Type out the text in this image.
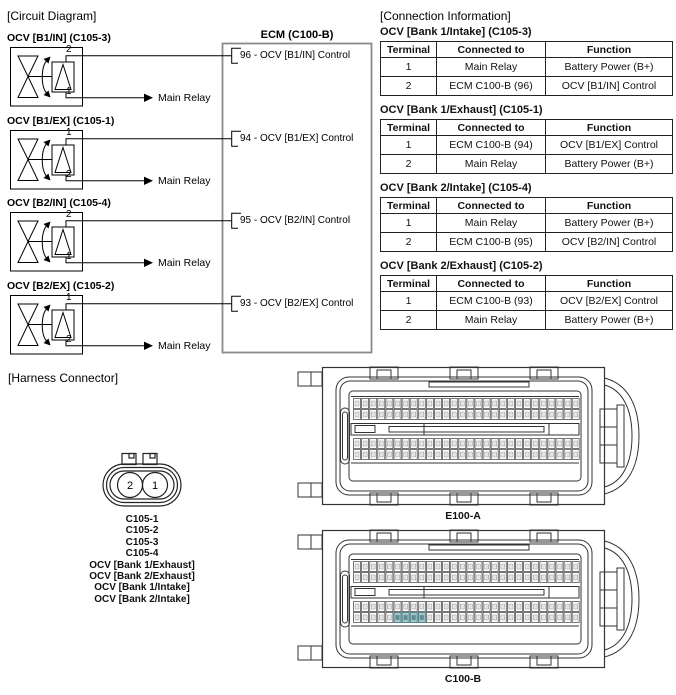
[Circuit Diagram]	[Connection Information]
[Harness Connector]
ECM (C100-B)
OCV [B1/IN] (C105-3)
OCV [B1/EX] (C105-1)
OCV [B2/IN] (C105-4)
OCV [B2/EX] (C105-2)
2
1
1
2
2
1
1
2
Main Relay
Main Relay
Main Relay
Main Relay
96 - OCV [B1/IN] Control
94 - OCV [B1/EX] Control
95 - OCV [B2/IN] Control
93 - OCV [B2/EX] Control
OCV [Bank 1/Intake] (C105-3)
Terminal	Connected to	Function
1	Main Relay	Battery Power (B+)
2	ECM C100-B (96)	OCV [B1/IN] Control
OCV [Bank 1/Exhaust] (C105-1)
Terminal	Connected to	Function
1	ECM C100-B (94)	OCV [B1/EX] Control
2	Main Relay	Battery Power (B+)
OCV [Bank 2/Intake] (C105-4)
Terminal	Connected to	Function
1	Main Relay	Battery Power (B+)
2	ECM C100-B (95)	OCV [B2/IN] Control
OCV [Bank 2/Exhaust] (C105-2)
Terminal	Connected to	Function
1	ECM C100-B (93)	OCV [B2/EX] Control
2	Main Relay	Battery Power (B+)
2 1
C105-1
C105-2
C105-3
C105-4
OCV [Bank 1/Exhaust]
OCV [Bank 2/Exhaust]
OCV [Bank 1/Intake]
OCV [Bank 2/Intake]
E100-A
C100-B
